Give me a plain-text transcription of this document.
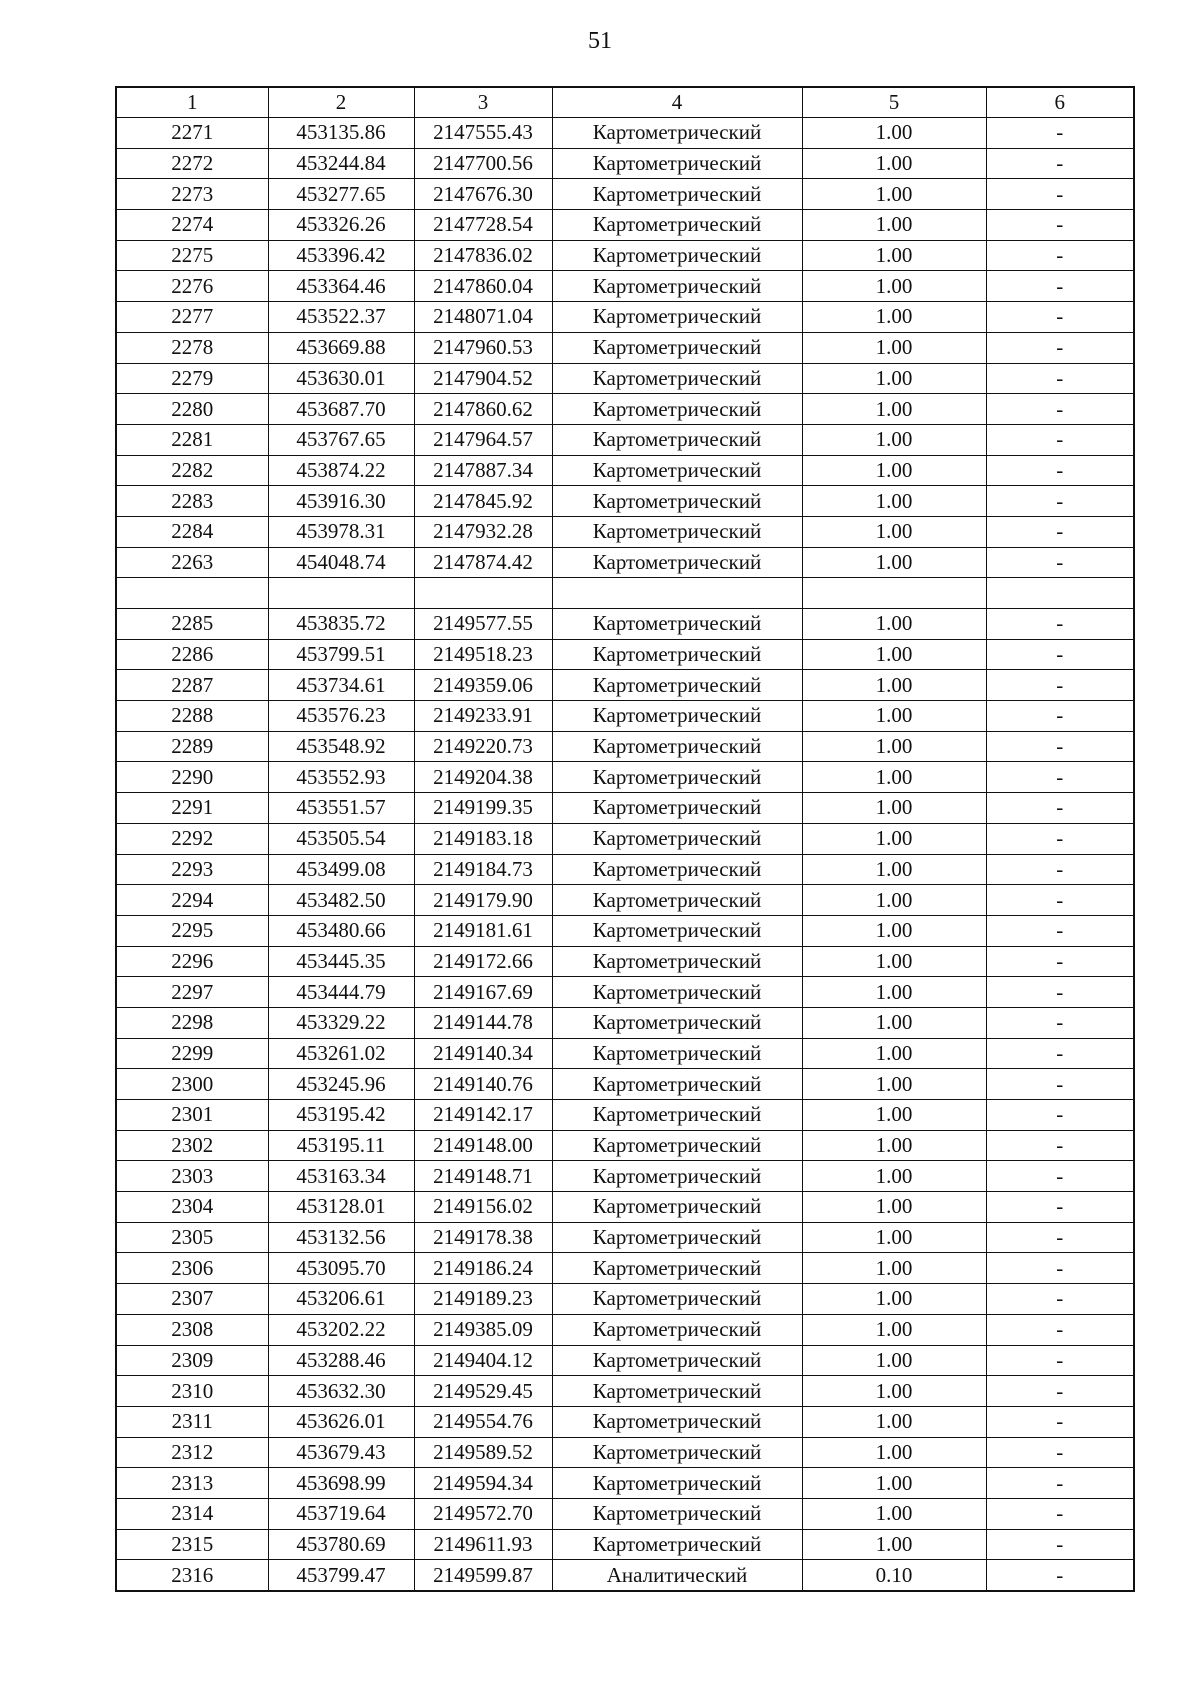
51
1	2	3	4	5	6
2271	453135.86	2147555.43	Картометрический	1.00	-
2272	453244.84	2147700.56	Картометрический	1.00	-
2273	453277.65	2147676.30	Картометрический	1.00	-
2274	453326.26	2147728.54	Картометрический	1.00	-
2275	453396.42	2147836.02	Картометрический	1.00	-
2276	453364.46	2147860.04	Картометрический	1.00	-
2277	453522.37	2148071.04	Картометрический	1.00	-
2278	453669.88	2147960.53	Картометрический	1.00	-
2279	453630.01	2147904.52	Картометрический	1.00	-
2280	453687.70	2147860.62	Картометрический	1.00	-
2281	453767.65	2147964.57	Картометрический	1.00	-
2282	453874.22	2147887.34	Картометрический	1.00	-
2283	453916.30	2147845.92	Картометрический	1.00	-
2284	453978.31	2147932.28	Картометрический	1.00	-
2263	454048.74	2147874.42	Картометрический	1.00	-

2285	453835.72	2149577.55	Картометрический	1.00	-
2286	453799.51	2149518.23	Картометрический	1.00	-
2287	453734.61	2149359.06	Картометрический	1.00	-
2288	453576.23	2149233.91	Картометрический	1.00	-
2289	453548.92	2149220.73	Картометрический	1.00	-
2290	453552.93	2149204.38	Картометрический	1.00	-
2291	453551.57	2149199.35	Картометрический	1.00	-
2292	453505.54	2149183.18	Картометрический	1.00	-
2293	453499.08	2149184.73	Картометрический	1.00	-
2294	453482.50	2149179.90	Картометрический	1.00	-
2295	453480.66	2149181.61	Картометрический	1.00	-
2296	453445.35	2149172.66	Картометрический	1.00	-
2297	453444.79	2149167.69	Картометрический	1.00	-
2298	453329.22	2149144.78	Картометрический	1.00	-
2299	453261.02	2149140.34	Картометрический	1.00	-
2300	453245.96	2149140.76	Картометрический	1.00	-
2301	453195.42	2149142.17	Картометрический	1.00	-
2302	453195.11	2149148.00	Картометрический	1.00	-
2303	453163.34	2149148.71	Картометрический	1.00	-
2304	453128.01	2149156.02	Картометрический	1.00	-
2305	453132.56	2149178.38	Картометрический	1.00	-
2306	453095.70	2149186.24	Картометрический	1.00	-
2307	453206.61	2149189.23	Картометрический	1.00	-
2308	453202.22	2149385.09	Картометрический	1.00	-
2309	453288.46	2149404.12	Картометрический	1.00	-
2310	453632.30	2149529.45	Картометрический	1.00	-
2311	453626.01	2149554.76	Картометрический	1.00	-
2312	453679.43	2149589.52	Картометрический	1.00	-
2313	453698.99	2149594.34	Картометрический	1.00	-
2314	453719.64	2149572.70	Картометрический	1.00	-
2315	453780.69	2149611.93	Картометрический	1.00	-
2316	453799.47	2149599.87	Аналитический	0.10	-
